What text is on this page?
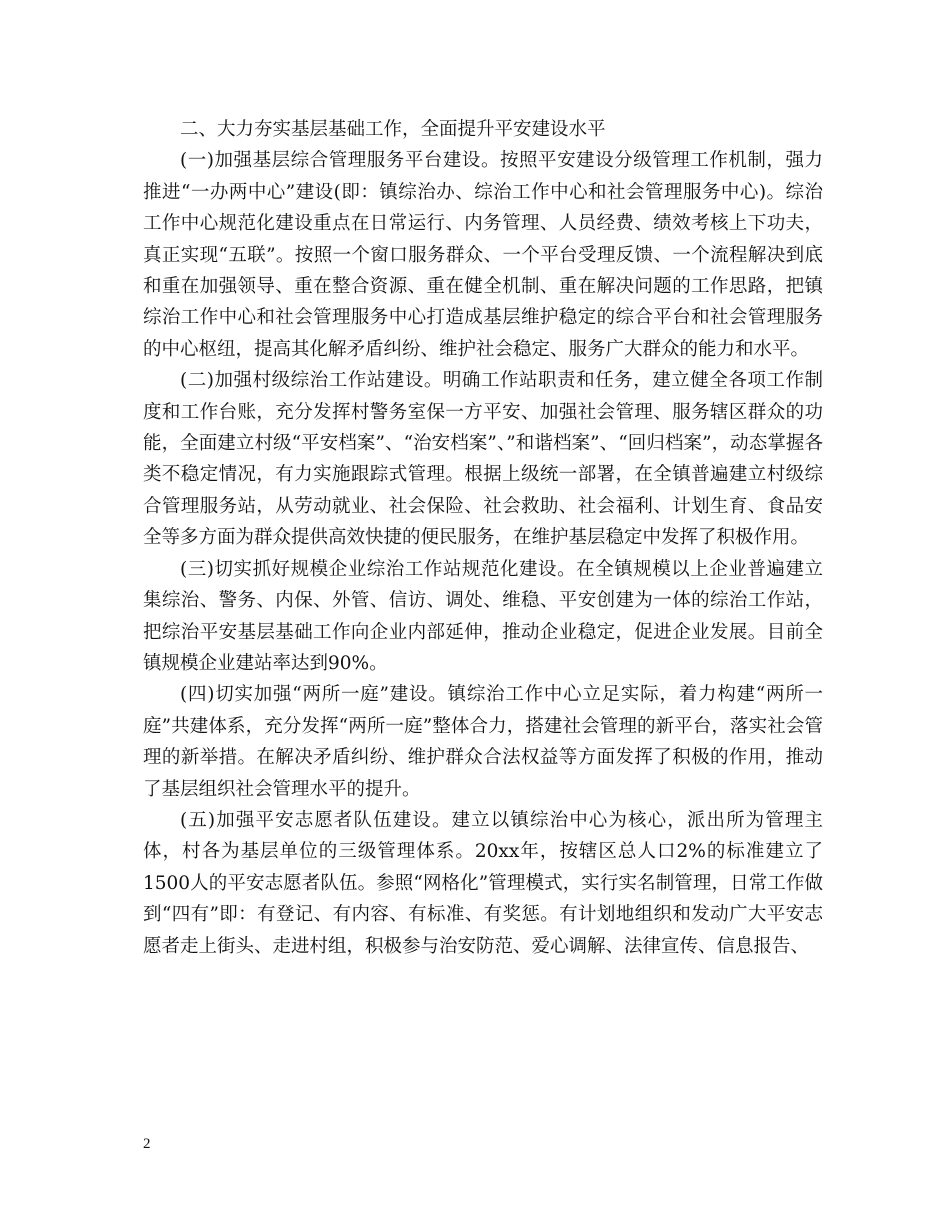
二、大力夯实基层基础工作，全面提升平安建设水平

(一)加强基层综合管理服务平台建设。按照平安建设分级管理工作机制，强力推进“一办两中心”建设(即：镇综治办、综治工作中心和社会管理服务中心)。综治工作中心规范化建设重点在日常运行、内务管理、人员经费、绩效考核上下功夫，真正实现“五联”。按照一个窗口服务群众、一个平台受理反馈、一个流程解决到底和重在加强领导、重在整合资源、重在健全机制、重在解决问题的工作思路，把镇综治工作中心和社会管理服务中心打造成基层维护稳定的综合平台和社会管理服务的中心枢纽，提高其化解矛盾纠纷、维护社会稳定、服务广大群众的能力和水平。

(二)加强村级综治工作站建设。明确工作站职责和任务，建立健全各项工作制度和工作台账，充分发挥村警务室保一方平安、加强社会管理、服务辖区群众的功能，全面建立村级“平安档案”、“治安档案”、”和谐档案”、“回归档案”，动态掌握各类不稳定情况，有力实施跟踪式管理。根据上级统一部署，在全镇普遍建立村级综合管理服务站，从劳动就业、社会保险、社会救助、社会福利、计划生育、食品安全等多方面为群众提供高效快捷的便民服务，在维护基层稳定中发挥了积极作用。

(三)切实抓好规模企业综治工作站规范化建设。在全镇规模以上企业普遍建立集综治、警务、内保、外管、信访、调处、维稳、平安创建为一体的综治工作站，把综治平安基层基础工作向企业内部延伸，推动企业稳定，促进企业发展。目前全镇规模企业建站率达到90%。

(四)切实加强“两所一庭”建设。镇综治工作中心立足实际，着力构建“两所一庭”共建体系，充分发挥“两所一庭”整体合力，搭建社会管理的新平台，落实社会管理的新举措。在解决矛盾纠纷、维护群众合法权益等方面发挥了积极的作用，推动了基层组织社会管理水平的提升。

(五)加强平安志愿者队伍建设。建立以镇综治中心为核心，派出所为管理主体，村各为基层单位的三级管理体系。20xx年，按辖区总人口2%的标准建立了1500人的平安志愿者队伍。参照“网格化”管理模式，实行实名制管理，日常工作做到“四有”即：有登记、有内容、有标准、有奖惩。有计划地组织和发动广大平安志愿者走上街头、走进村组，积极参与治安防范、爱心调解、法律宣传、信息报告、

2
